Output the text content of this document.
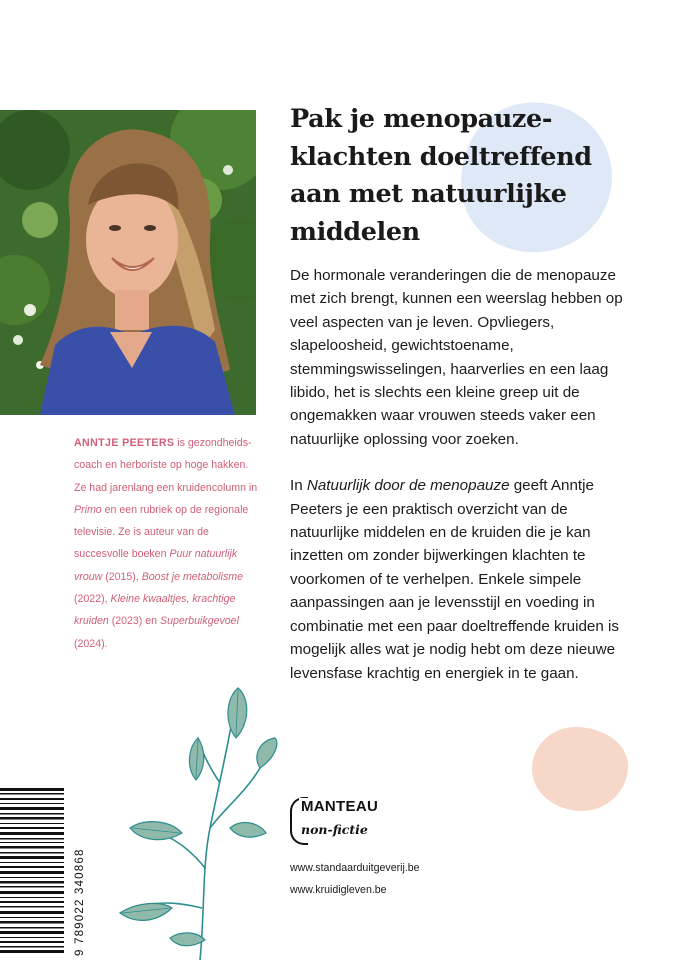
ANNTJE PEETERS is gezondheidscoach en herboriste op hoge hakken. Ze had jarenlang een kruidencolumn in Primo en een rubriek op de regionale televisie. Ze is auteur van de succesvolle boeken Puur natuurlijk vrouw (2015), Boost je metabolisme (2022), Kleine kwaaltjes, krachtige kruiden (2023) en Superbuikgevoel (2024).

Pak je menopauze-klachten doeltreffend aan met natuurlijke middelen

De hormonale veranderingen die de menopauze met zich brengt, kunnen een weerslag hebben op veel aspecten van je leven. Opvliegers, slapeloosheid, gewichtstoename, stemmingswisselingen, haarverlies en een laag libido, het is slechts een kleine greep uit de ongemakken waar vrouwen steeds vaker een natuurlijke oplossing voor zoeken.

In Natuurlijk door de menopauze geeft Anntje Peeters je een praktisch overzicht van de natuurlijke middelen en de kruiden die je kan inzetten om zonder bijwerkingen klachten te voorkomen of te verhelpen. Enkele simpele aanpassingen aan je levensstijl en voeding in combinatie met een paar doeltreffende kruiden is mogelijk alles wat je nodig hebt om deze nieuwe levensfase krachtig en energiek in te gaan.

MANTEAU
non-fictie
www.standaarduitgeverij.be
www.kruidigleven.be
9 789022 340868
